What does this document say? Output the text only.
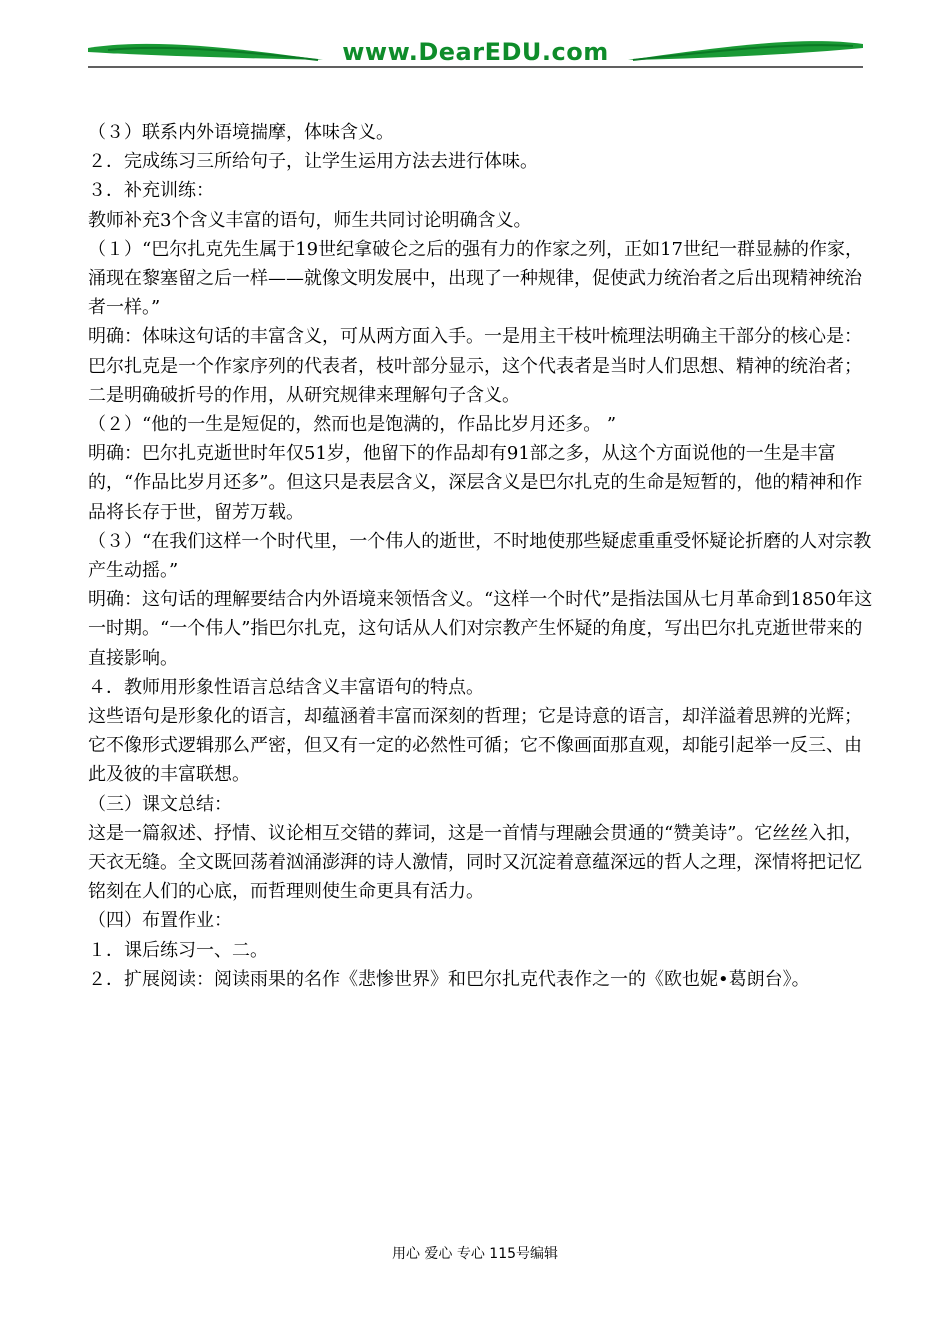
www.DearEDU.com

（３）联系内外语境揣摩，体味含义。

２．完成练习三所给句子，让学生运用方法去进行体味。

３．补充训练：

教师补充3个含义丰富的语句，师生共同讨论明确含义。

（１）“巴尔扎克先生属于19世纪拿破仑之后的强有力的作家之列，正如17世纪一群显赫的作家，涌现在黎塞留之后一样——就像文明发展中，出现了一种规律，促使武力统治者之后出现精神统治者一样。”

明确：体味这句话的丰富含义，可从两方面入手。一是用主干枝叶梳理法明确主干部分的核心是：巴尔扎克是一个作家序列的代表者，枝叶部分显示，这个代表者是当时人们思想、精神的统治者；二是明确破折号的作用，从研究规律来理解句子含义。

（２）“他的一生是短促的，然而也是饱满的，作品比岁月还多。 ”

明确：巴尔扎克逝世时年仅51岁，他留下的作品却有91部之多，从这个方面说他的一生是丰富的，“作品比岁月还多”。但这只是表层含义，深层含义是巴尔扎克的生命是短暂的，他的精神和作品将长存于世，留芳万载。

（３）“在我们这样一个时代里，一个伟人的逝世，不时地使那些疑虑重重受怀疑论折磨的人对宗教产生动摇。”

明确：这句话的理解要结合内外语境来领悟含义。“这样一个时代”是指法国从七月革命到1850年这一时期。“一个伟人”指巴尔扎克，这句话从人们对宗教产生怀疑的角度，写出巴尔扎克逝世带来的直接影响。

４．教师用形象性语言总结含义丰富语句的特点。

这些语句是形象化的语言，却蕴涵着丰富而深刻的哲理；它是诗意的语言，却洋溢着思辨的光辉；它不像形式逻辑那么严密，但又有一定的必然性可循；它不像画面那直观，却能引起举一反三、由此及彼的丰富联想。

（三）课文总结：

这是一篇叙述、抒情、议论相互交错的葬词，这是一首情与理融会贯通的“赞美诗”。它丝丝入扣，天衣无缝。全文既回荡着汹涌澎湃的诗人激情，同时又沉淀着意蕴深远的哲人之理，深情将把记忆铭刻在人们的心底，而哲理则使生命更具有活力。

（四）布置作业：

１．课后练习一、二。

２．扩展阅读：阅读雨果的名作《悲惨世界》和巴尔扎克代表作之一的《欧也妮•葛朗台》。

用心 爱心 专心 115号编辑
